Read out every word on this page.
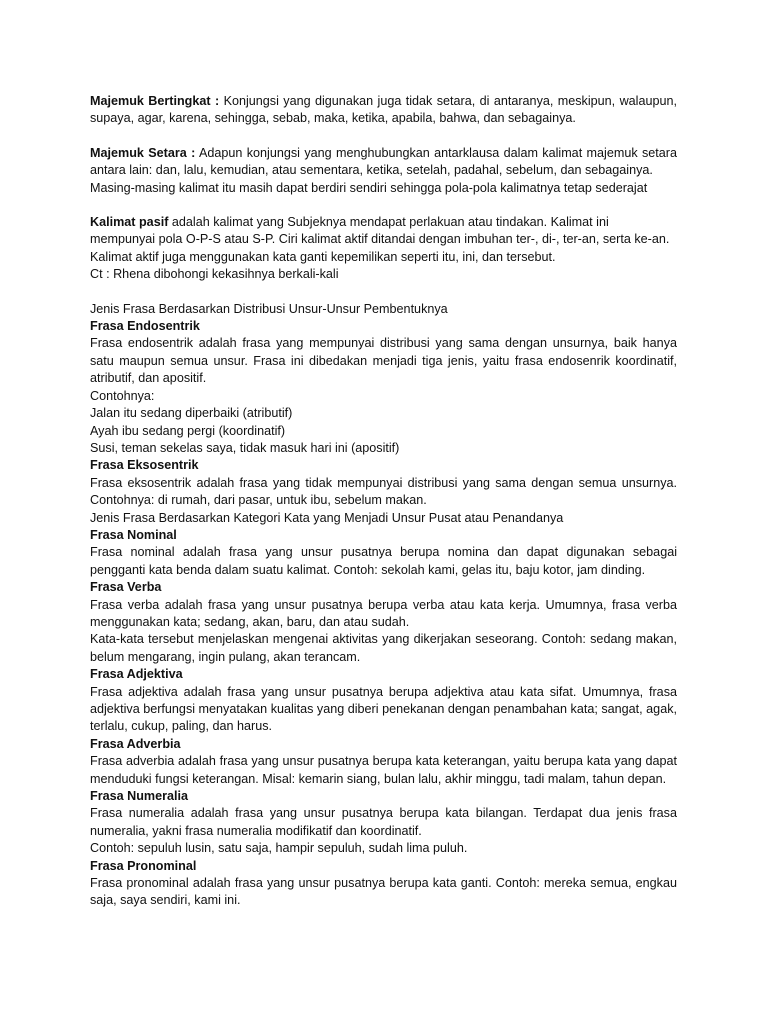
Majemuk Bertingkat : Konjungsi yang digunakan juga tidak setara, di antaranya, meskipun, walaupun, supaya, agar, karena, sehingga, sebab, maka, ketika, apabila, bahwa, dan sebagainya.

Majemuk Setara : Adapun konjungsi yang menghubungkan antarklausa dalam kalimat majemuk setara antara lain: dan, lalu, kemudian, atau sementara, ketika, setelah, padahal, sebelum, dan sebagainya.

Masing-masing kalimat itu masih dapat berdiri sendiri sehingga pola-pola kalimatnya tetap sederajat

Kalimat pasif adalah kalimat yang Subjeknya mendapat perlakuan atau tindakan. Kalimat ini mempunyai pola O-P-S atau S-P. Ciri kalimat aktif ditandai dengan imbuhan ter-, di-, ter-an, serta ke-an. Kalimat aktif juga menggunakan kata ganti kepemilikan seperti itu, ini, dan tersebut.

Ct : Rhena dibohongi kekasihnya berkali-kali

Jenis Frasa Berdasarkan Distribusi Unsur-Unsur Pembentuknya

Frasa Endosentrik

Frasa endosentrik adalah frasa yang mempunyai distribusi yang sama dengan unsurnya, baik hanya satu maupun semua unsur. Frasa ini dibedakan menjadi tiga jenis, yaitu frasa endosenrik koordinatif, atributif, dan apositif.

Contohnya:

Jalan itu sedang diperbaiki (atributif)

Ayah ibu sedang pergi (koordinatif)

Susi, teman sekelas saya, tidak masuk hari ini (apositif)

Frasa Eksosentrik

Frasa eksosentrik adalah frasa yang tidak mempunyai distribusi yang sama dengan semua unsurnya. Contohnya: di rumah, dari pasar, untuk ibu, sebelum makan.

Jenis Frasa Berdasarkan Kategori Kata yang Menjadi Unsur Pusat atau Penandanya

Frasa Nominal

Frasa nominal adalah frasa yang unsur pusatnya berupa nomina dan dapat digunakan sebagai pengganti kata benda dalam suatu kalimat. Contoh: sekolah kami, gelas itu, baju kotor, jam dinding.

Frasa Verba

Frasa verba adalah frasa yang unsur pusatnya berupa verba atau kata kerja. Umumnya, frasa verba menggunakan kata; sedang, akan, baru, dan atau sudah.

Kata-kata tersebut menjelaskan mengenai aktivitas yang dikerjakan seseorang. Contoh: sedang makan, belum mengarang, ingin pulang, akan terancam.

Frasa Adjektiva

Frasa adjektiva adalah frasa yang unsur pusatnya berupa adjektiva atau kata sifat. Umumnya, frasa adjektiva berfungsi menyatakan kualitas yang diberi penekanan dengan penambahan kata; sangat, agak, terlalu, cukup, paling, dan harus.

Frasa Adverbia

Frasa adverbia adalah frasa yang unsur pusatnya berupa kata keterangan, yaitu berupa kata yang dapat menduduki fungsi keterangan. Misal: kemarin siang, bulan lalu, akhir minggu, tadi malam, tahun depan.

Frasa Numeralia

Frasa numeralia adalah frasa yang unsur pusatnya berupa kata bilangan. Terdapat dua jenis frasa numeralia, yakni frasa numeralia modifikatif dan koordinatif.

Contoh: sepuluh lusin, satu saja, hampir sepuluh, sudah lima puluh.

Frasa Pronominal

Frasa pronominal adalah frasa yang unsur pusatnya berupa kata ganti. Contoh: mereka semua, engkau saja, saya sendiri, kami ini.
